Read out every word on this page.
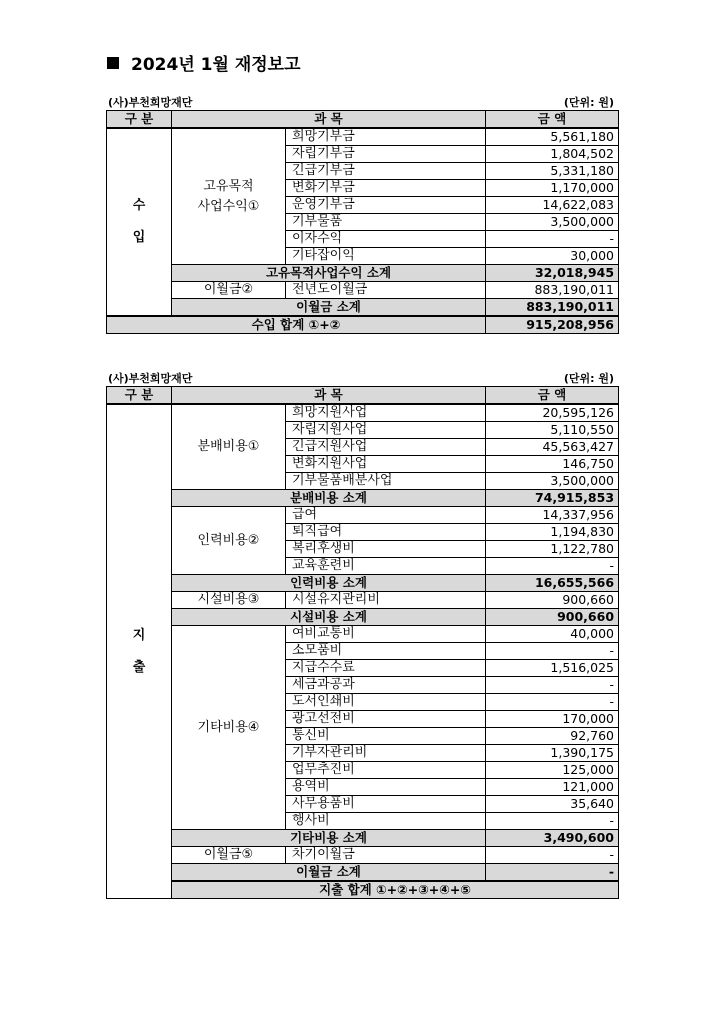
2024년 1월 재정보고
(사)부천희망재단	(단위: 원)
구 분	과 목		금 액

수
입	고유목적
사업수익①	희망기부금	5,561,180
		자립기부금	1,804,502
		긴급기부금	5,331,180
		변화기부금	1,170,000
		운영기부금	14,622,083
		기부물품	3,500,000
		이자수익	-
		기타잡이익	30,000
	고유목적사업수익 소계		32,018,945
	이월금②	전년도이월금	883,190,011
	이월금 소계		883,190,011

수입 합계 ①+②			915,208,956
(사)부천희망재단	(단위: 원)
구 분	과 목		금 액	

지
출	분배비용①	희망지원사업	20,595,126	
		자립지원사업	5,110,550	
		긴급지원사업	45,563,427	
		변화지원사업	146,750	
		기부물품배분사업	3,500,000	
	분배비용 소계		74,915,853	
	인력비용②	급여	14,337,956	
		퇴직급여	1,194,830	
		복리후생비	1,122,780	
		교육훈련비	-	
	인력비용 소계		16,655,566	
	시설비용③	시설유지관리비	900,660	
	시설비용 소계		900,660	
	기타비용④	여비교통비	40,000	
		소모품비	-	
		지급수수료	1,516,025	
		세금과공과	-	
		도서인쇄비	-	
		광고선전비	170,000	
		통신비	92,760	
		기부자관리비	1,390,175	
		업무추진비	125,000	
		용역비	121,000	
		사무용품비	35,640	
		행사비	-	
	기타비용 소계		3,490,600	
	이월금⑤	차기이월금	-	
	이월금 소계		-	
	지출 합계 ①+②+③+④+⑤	
